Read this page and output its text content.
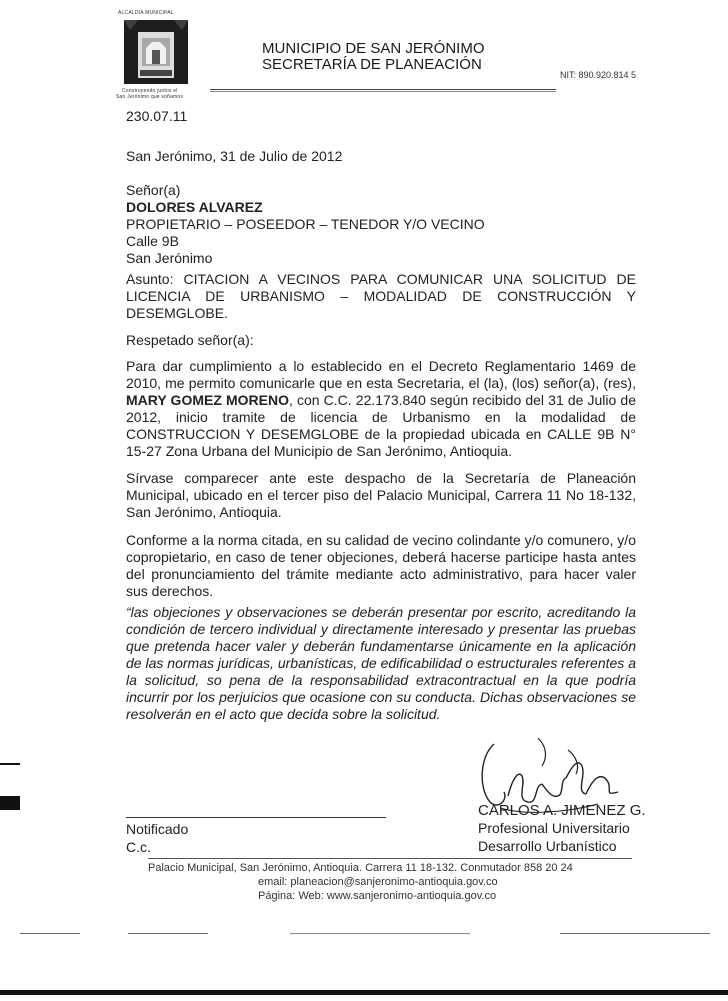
ALCALDIA MUNICIPAL
Construyendo juntos el
San Jerónimo que soñamos
MUNICIPIO DE SAN JERÓNIMO
SECRETARÍA DE PLANEACIÓN
NIT: 890.920.814 5
230.07.11
San Jerónimo, 31 de Julio de 2012
Señor(a)
DOLORES ALVAREZ
PROPIETARIO – POSEEDOR – TENEDOR Y/O VECINO
Calle 9B
San Jerónimo
Asunto: CITACION A VECINOS PARA COMUNICAR UNA SOLICITUD DE LICENCIA DE URBANISMO – MODALIDAD DE CONSTRUCCIÓN Y DESEMGLOBE.
Respetado señor(a):
Para dar cumplimiento a lo establecido en el Decreto Reglamentario 1469 de 2010, me permito comunicarle que en esta Secretaria, el (la), (los) señor(a), (res), MARY GOMEZ MORENO, con C.C. 22.173.840 según recibido del 31 de Julio de 2012, inicio tramite de licencia de Urbanismo en la modalidad de CONSTRUCCION Y DESEMGLOBE de la propiedad ubicada en CALLE 9B N° 15-27 Zona Urbana del Municipio de San Jerónimo, Antioquia.
Sírvase comparecer ante este despacho de la Secretaría de Planeación Municipal, ubicado en el tercer piso del Palacio Municipal, Carrera 11 No 18-132, San Jerónimo, Antioquia.
Conforme a la norma citada, en su calidad de vecino colindante y/o comunero, y/o copropietario, en caso de tener objeciones, deberá hacerse participe hasta antes del pronunciamiento del trámite mediante acto administrativo, para hacer valer sus derechos.
“las objeciones y observaciones se deberán presentar por escrito, acreditando la condición de tercero individual y directamente interesado y presentar las pruebas que pretenda hacer valer y deberán fundamentarse únicamente en la aplicación de las normas jurídicas, urbanísticas, de edificabilidad o estructurales referentes a la solicitud, so pena de la responsabilidad extracontractual en la que podría incurrir por los perjuicios que ocasione con su conducta. Dichas observaciones se resolverán en el acto que decida sobre la solicitud.
CARLOS A. JIMENEZ G.
Profesional Universitario
Desarrollo Urbanístico
Notificado
C.c.
Palacio Municipal, San Jerónimo, Antioquia. Carrera 11 18-132. Conmutador 858 20 24
email: planeacion@sanjeronimo-antioquia.gov.co
Página: Web: www.sanjeronimo-antioquia.gov.co
